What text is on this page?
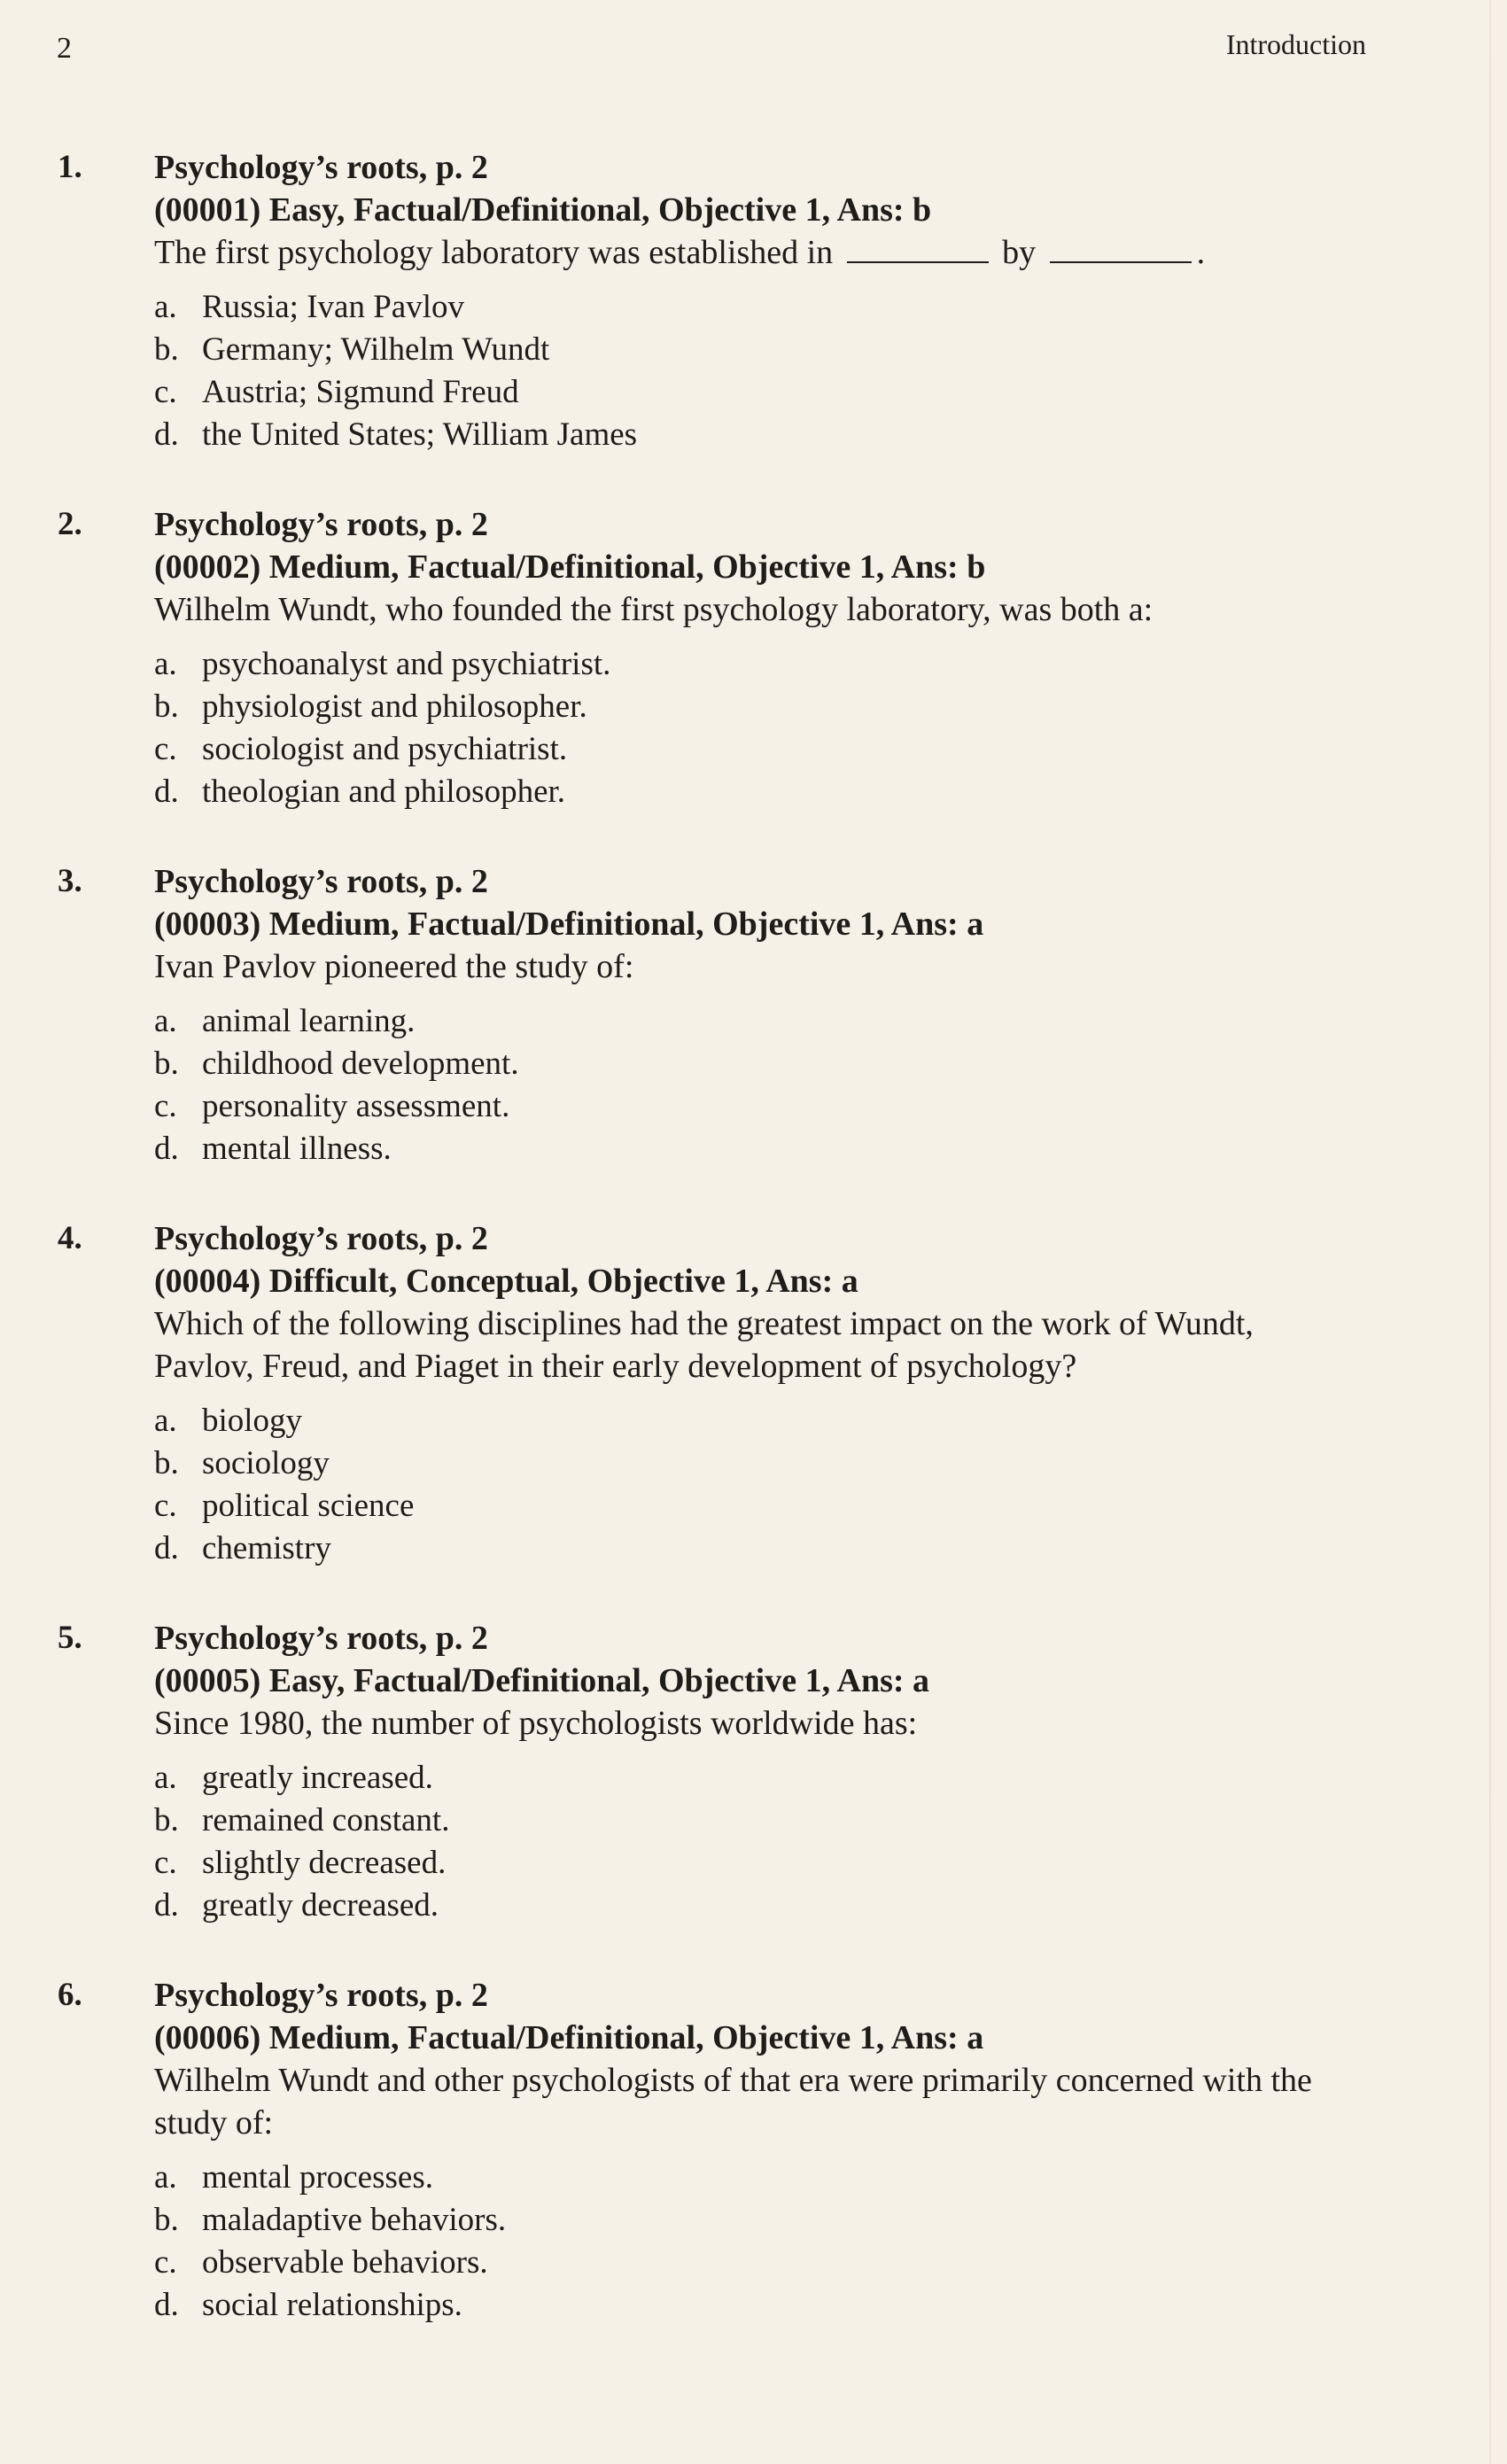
2	Introduction
1. Psychology’s roots, p. 2
(00001) Easy, Factual/Definitional, Objective 1, Ans: b
The first psychology laboratory was established in	by	.
a. Russia; Ivan Pavlov
b. Germany; Wilhelm Wundt
c. Austria; Sigmund Freud
d. the United States; William James
2. Psychology’s roots, p. 2
(00002) Medium, Factual/Definitional, Objective 1, Ans: b
Wilhelm Wundt, who founded the first psychology laboratory, was both a:
a. psychoanalyst and psychiatrist.
b. physiologist and philosopher.
c. sociologist and psychiatrist.
d. theologian and philosopher.
3. Psychology’s roots, p. 2
(00003) Medium, Factual/Definitional, Objective 1, Ans: a
Ivan Pavlov pioneered the study of:
a. animal learning.
b. childhood development.
c. personality assessment.
d. mental illness.
4. Psychology’s roots, p. 2
(00004) Difficult, Conceptual, Objective 1, Ans: a
Which of the following disciplines had the greatest impact on the work of Wundt, Pavlov, Freud, and Piaget in their early development of psychology?
a. biology
b. sociology
c. political science
d. chemistry
5. Psychology’s roots, p. 2
(00005) Easy, Factual/Definitional, Objective 1, Ans: a
Since 1980, the number of psychologists worldwide has:
a. greatly increased.
b. remained constant.
c. slightly decreased.
d. greatly decreased.
6. Psychology’s roots, p. 2
(00006) Medium, Factual/Definitional, Objective 1, Ans: a
Wilhelm Wundt and other psychologists of that era were primarily concerned with the study of:
a. mental processes.
b. maladaptive behaviors.
c. observable behaviors.
d. social relationships.
